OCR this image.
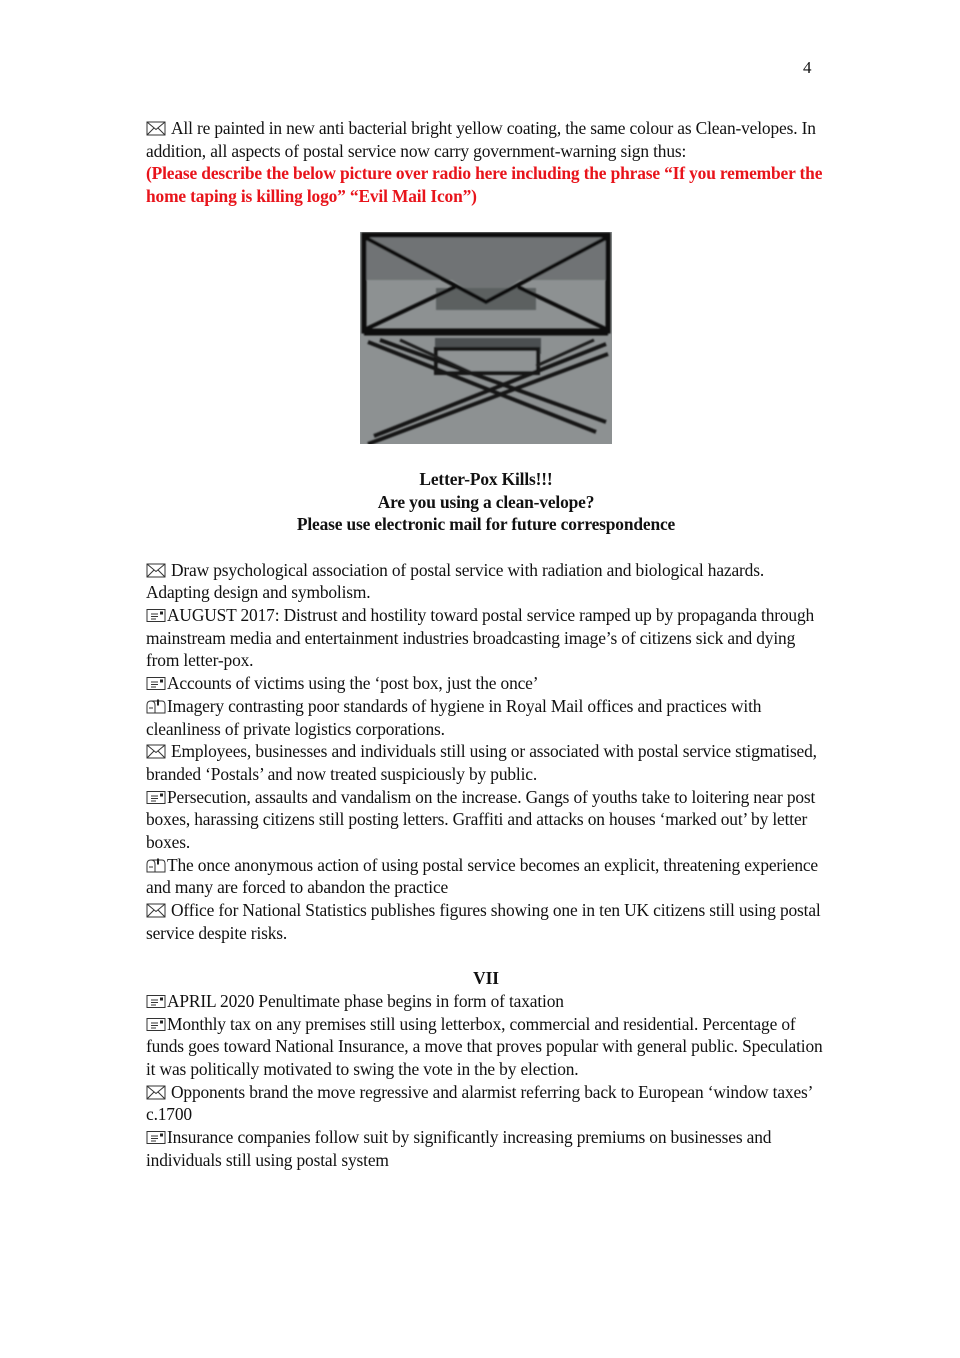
4

All re painted in new anti bacterial bright yellow coating, the same colour as Clean-velopes. In addition, all aspects of postal service now carry government-warning sign thus:

(Please describe the below picture over radio here including the phrase “If you remember the home taping is killing logo” “Evil Mail Icon”)

Letter-Pox Kills!!!
Are you using a clean-velope?
Please use electronic mail for future correspondence

Draw psychological association of postal service with radiation and biological hazards. Adapting design and symbolism.

AUGUST 2017: Distrust and hostility toward postal service ramped up by propaganda through mainstream media and entertainment industries broadcasting image’s of citizens sick and dying from letter-pox.

Accounts of victims using the ‘post box, just the once’

Imagery contrasting poor standards of hygiene in Royal Mail offices and practices with cleanliness of private logistics corporations.

Employees, businesses and individuals still using or associated with postal service stigmatised, branded ‘Postals’ and now treated suspiciously by public.

Persecution, assaults and vandalism on the increase. Gangs of youths take to loitering near post boxes, harassing citizens still posting letters. Graffiti and attacks on houses ‘marked out’ by letter boxes.

The once anonymous action of using postal service becomes an explicit, threatening experience and many are forced to abandon the practice

Office for National Statistics publishes figures showing one in ten UK citizens still using postal service despite risks.

VII

APRIL 2020 Penultimate phase begins in form of taxation

Monthly tax on any premises still using letterbox, commercial and residential. Percentage of funds goes toward National Insurance, a move that proves popular with general public. Speculation it was politically motivated to swing the vote in the by election.

Opponents brand the move regressive and alarmist referring back to European ‘window taxes’ c.1700

Insurance companies follow suit by significantly increasing premiums on businesses and individuals still using postal system
